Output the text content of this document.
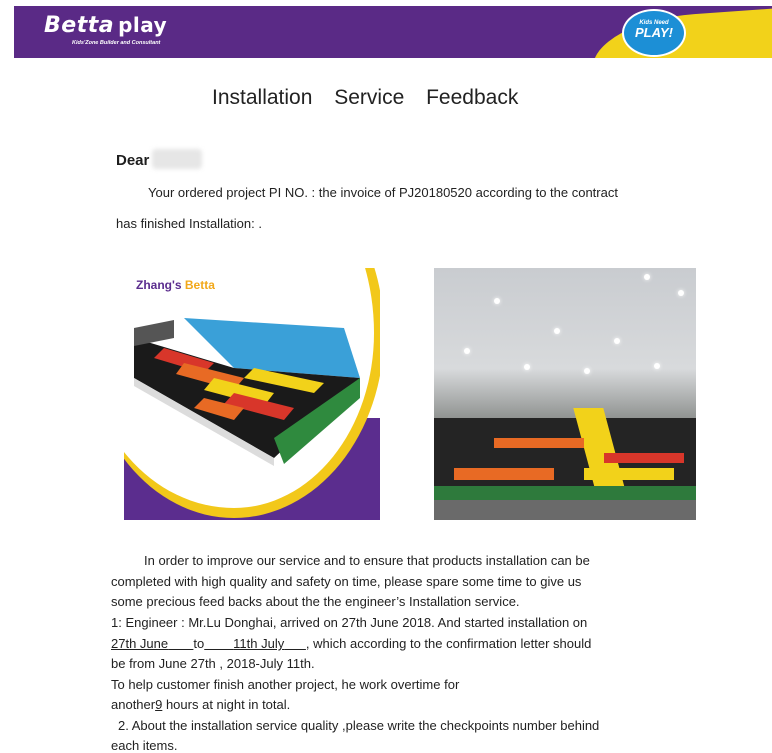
Betta play
Kids'Zone Builder and Consultant
Kids Need
PLAY!
Installation Service Feedback
Dear
Your ordered project PI NO. : the invoice of PJ20180520 according to the contract
has finished Installation: .
Zhang's Betta
In order to improve our service and to ensure that products installation can be
completed with high quality and safety on time, please spare some time to give us
some precious feed backs about the the engineer’s Installation service.
1: Engineer : Mr.Lu Donghai, arrived on 27th June 2018. And started installation on
27th June to 11th July , which according to the confirmation letter should
be from June 27th , 2018-July 11th.
To help customer finish another project, he work overtime for
another9 hours at night in total.
2. About the installation service quality ,please write the checkpoints number behind
each items.
